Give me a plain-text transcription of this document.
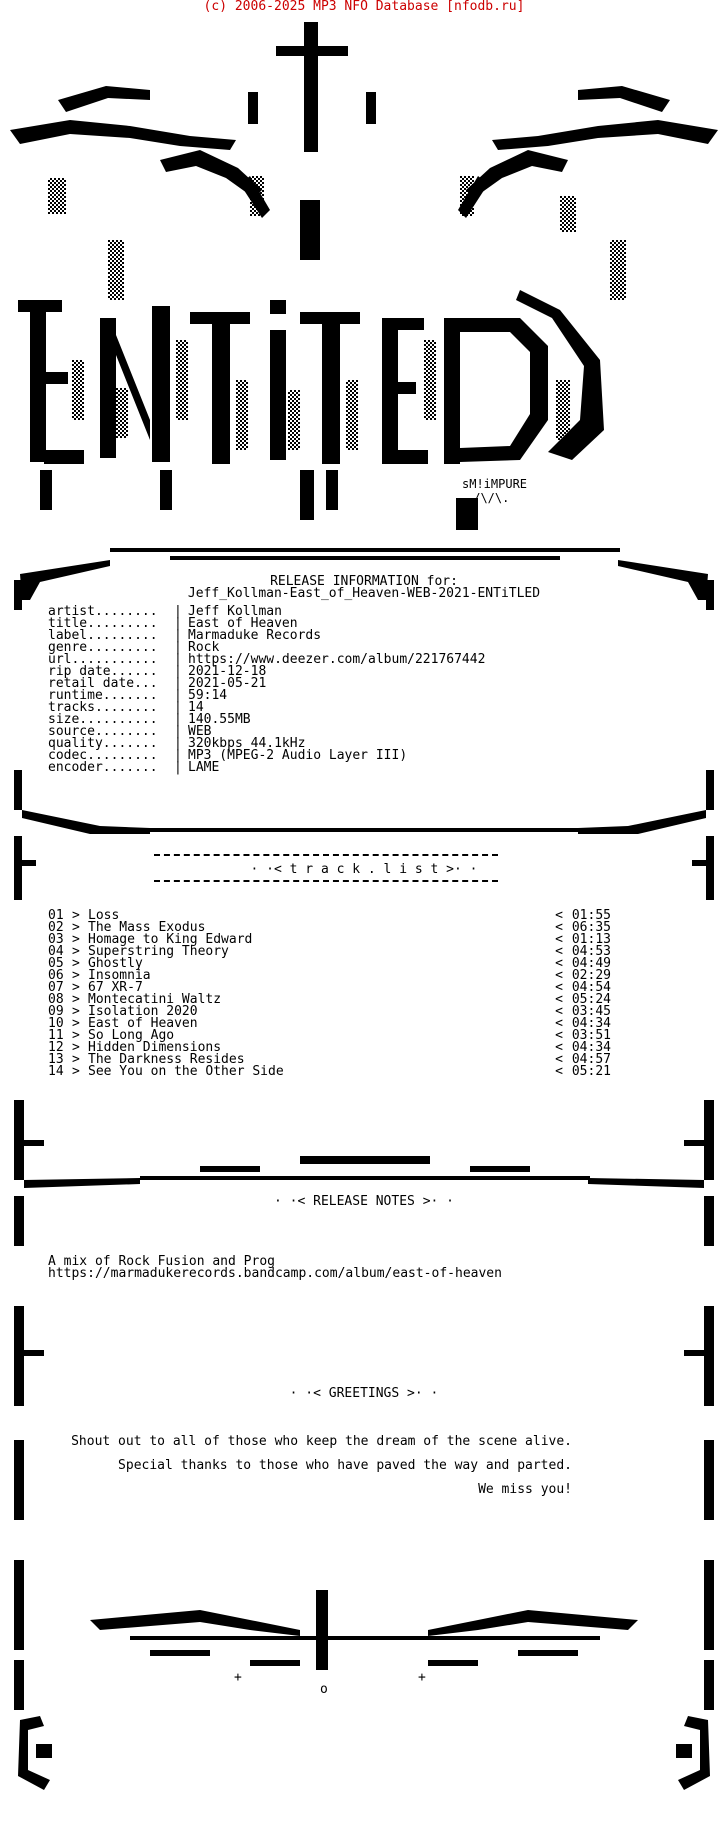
(c) 2006-2025 MP3 NFO Database [nfodb.ru]
sM!iMPURE
./\/\.
RELEASE INFORMATION for:
Jeff_Kollman-East_of_Heaven-WEB-2021-ENTiTLED
artist........	| Jeff Kollman
title.........	| East of Heaven
label.........	| Marmaduke Records
genre.........	| Rock
url...........	| https://www.deezer.com/album/221767442
rip date......	| 2021-12-18
retail date...	| 2021-05-21
runtime.......	| 59:14
tracks........	| 14
size..........	| 140.55MB
source........	| WEB
quality.......	| 320kbps 44.1kHz
codec.........	| MP3 (MPEG-2 Audio Layer III)
encoder.......	| LAME
· ·< t r a c k . l i s t >· ·
01 > Loss	< 01:55
02 > The Mass Exodus	< 06:35
03 > Homage to King Edward	< 01:13
04 > Superstring Theory	< 04:53
05 > Ghostly	< 04:49
06 > Insomnia	< 02:29
07 > 67 XR-7	< 04:54
08 > Montecatini Waltz	< 05:24
09 > Isolation 2020	< 03:45
10 > East of Heaven	< 04:34
11 > So Long Ago	< 03:51
12 > Hidden Dimensions	< 04:34
13 > The Darkness Resides	< 04:57
14 > See You on the Other Side	< 05:21
· ·< RELEASE NOTES >· ·
A mix of Rock Fusion and Prog
https://marmadukerecords.bandcamp.com/album/east-of-heaven
· ·< GREETINGS >· ·
Shout out to all of those who keep the dream of the scene alive.
Special thanks to those who have paved the way and parted.
We miss you!
+	+
o
